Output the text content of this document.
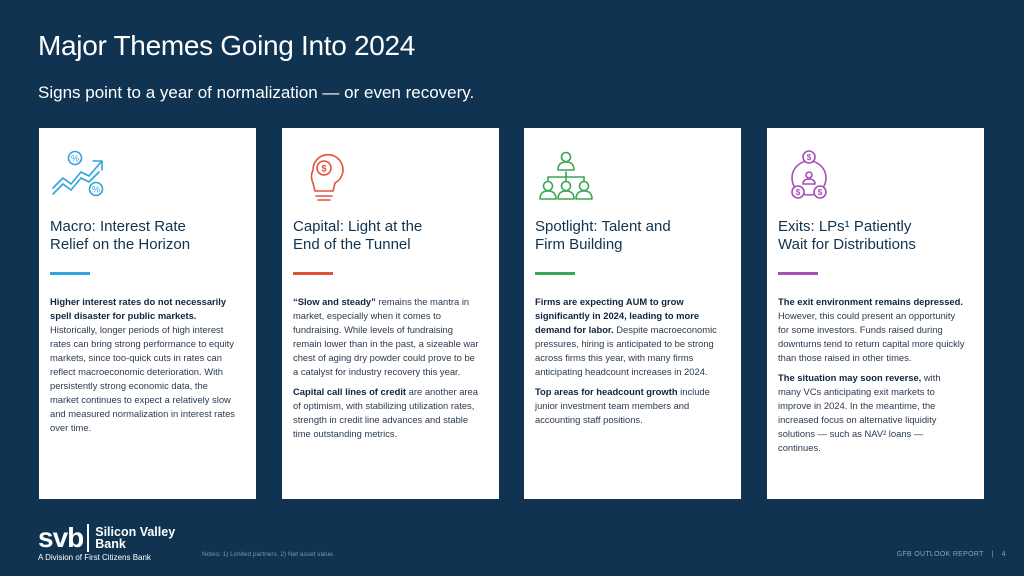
Major Themes Going Into 2024

Signs point to a year of normalization — or even recovery.

%
%
Macro: Interest Rate
Relief on the Horizon

Higher interest rates do not necessarily spell disaster for public markets. Historically, longer periods of high interest rates can bring strong performance to equity markets, since too-quick cuts in rates can reflect macroeconomic deterioration. With persistently strong economic data, the market continues to expect a relatively slow and measured normalization in interest rates over time.

$
Capital: Light at the
End of the Tunnel

“Slow and steady” remains the mantra in market, especially when it comes to fundraising. While levels of fundraising remain lower than in the past, a sizeable war chest of aging dry powder could prove to be a catalyst for industry recovery this year.

Capital call lines of credit are another area of optimism, with stabilizing utilization rates, strength in credit line advances and stable time outstanding metrics.

Spotlight: Talent and
Firm Building

Firms are expecting AUM to grow significantly in 2024, leading to more demand for labor. Despite macroeconomic pressures, hiring is anticipated to be strong across firms this year, with many firms anticipating headcount increases in 2024.

Top areas for headcount growth include junior investment team members and accounting staff positions.

$
$ $
Exits: LPs¹ Patiently
Wait for Distributions

The exit environment remains depressed. However, this could present an opportunity for some investors. Funds raised during downturns tend to return capital more quickly than those raised in other times.

The situation may soon reverse, with many VCs anticipating exit markets to improve in 2024. In the meantime, the increased focus on alternative liquidity solutions — such as NAV² loans — continues.

svb Silicon Valley
Bank
A Division of First Citizens Bank	Notes: 1) Limited partners. 2) Net asset value.	GFB OUTLOOK REPORT | 4
